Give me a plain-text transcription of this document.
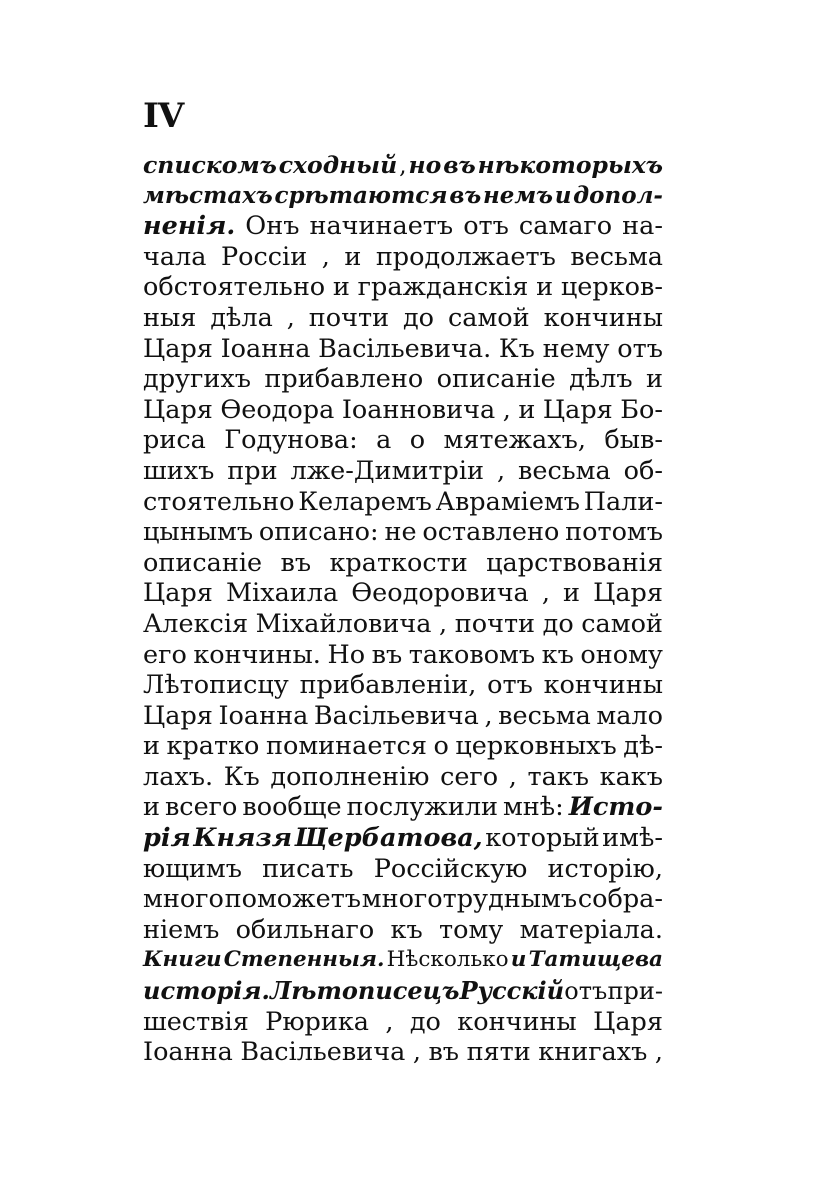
IV
спискомъ сходный , но въ нѣкоторыхъ
мѣстахъ срѣтаются въ немъ и допол-
ненія. Онъ начинаетъ отъ самаго на-
чала Россіи , и продолжаетъ весьма
обстоятельно и гражданскія и церков-
ныя дѣла , почти до самой кончины
Царя Іоанна Васільевича. Къ нему отъ
другихъ прибавлено описаніе дѣлъ и
Царя Ѳеодора Іоанновича , и Царя Бо-
риса Годунова: а о мятежахъ, быв-
шихъ при лже-Димитріи , весьма об-
стоятельно Келаремъ Авраміемъ Пали-
цынымъ описано: не оставлено потомъ
описаніе въ краткости царствованія
Царя Міхаила Ѳеодоровича , и Царя
Алексія Міхайловича , почти до самой
его кончины. Но въ таковомъ къ оному
Лѣтописцу прибавленіи, отъ кончины
Царя Іоанна Васільевича , весьма мало
и кратко поминается о церковныхъ дѣ-
лахъ. Къ дополненію сего , такъ какъ
и всего вообще послужили мнѣ: Исто-
рія Князя Щербатова, который имѣ-
ющимъ писать Россійскую исторію,
много поможетъ многотруднымъ собра-
ніемъ обильнаго къ тому матеріала.
Книги Степенныя. Нѣсколько и Татищева
исторія. Лѣтописецъ Русскій отъ при-
шествія Рюрика , до кончины Царя
Іоанна Васільевича , въ пяти книгахъ ,
